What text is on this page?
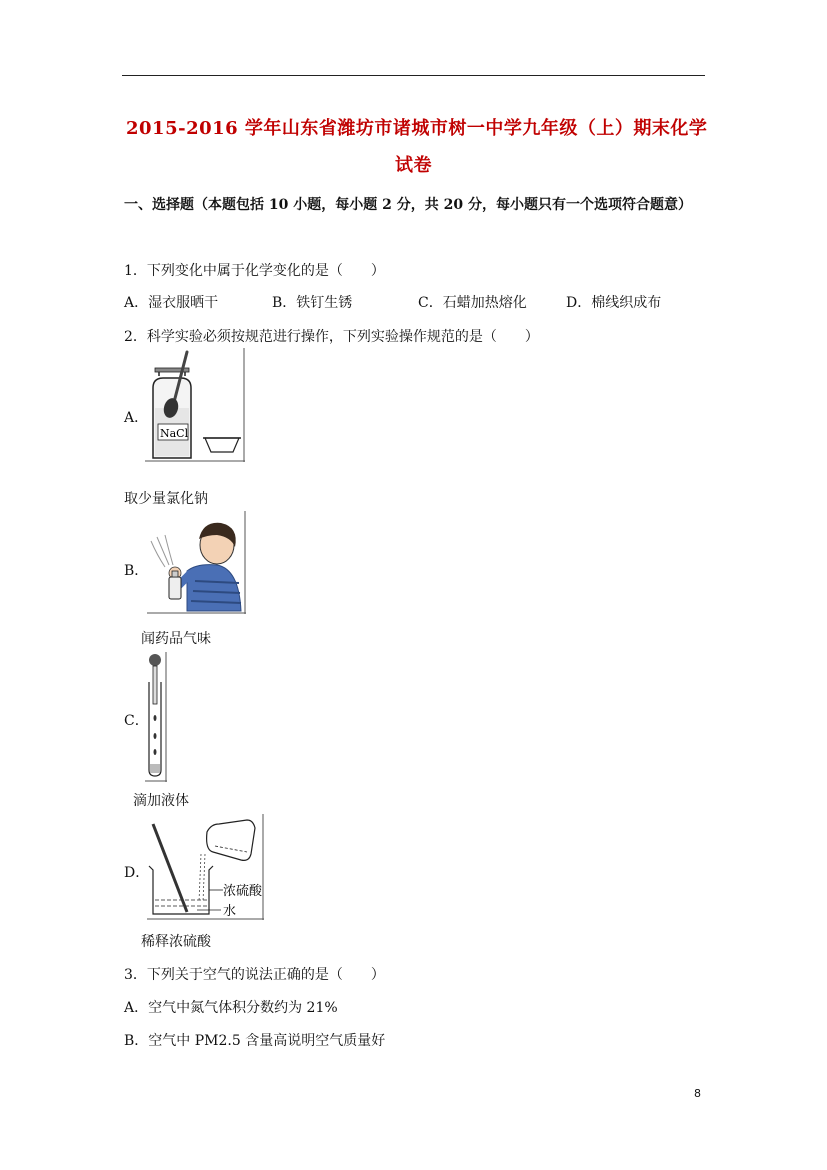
2015-2016 学年山东省潍坊市诸城市树一中学九年级（上）期末化学
试卷
一、选择题（本题包括 10 小题，每小题 2 分，共 20 分，每小题只有一个选项符合题意）
1．下列变化中属于化学变化的是（　　）
A．湿衣服晒干	B．铁钉生锈	C．石蜡加热熔化	D．棉线织成布
2．科学实验必须按规范进行操作，下列实验操作规范的是（　　）
A．
NaCl
取少量氯化钠
B．
闻药品气味
C．
滴加液体
D．
浓硫酸
水
稀释浓硫酸
3．下列关于空气的说法正确的是（　　）
A．空气中氮气体积分数约为 21%
B．空气中 PM2.5 含量高说明空气质量好
8
